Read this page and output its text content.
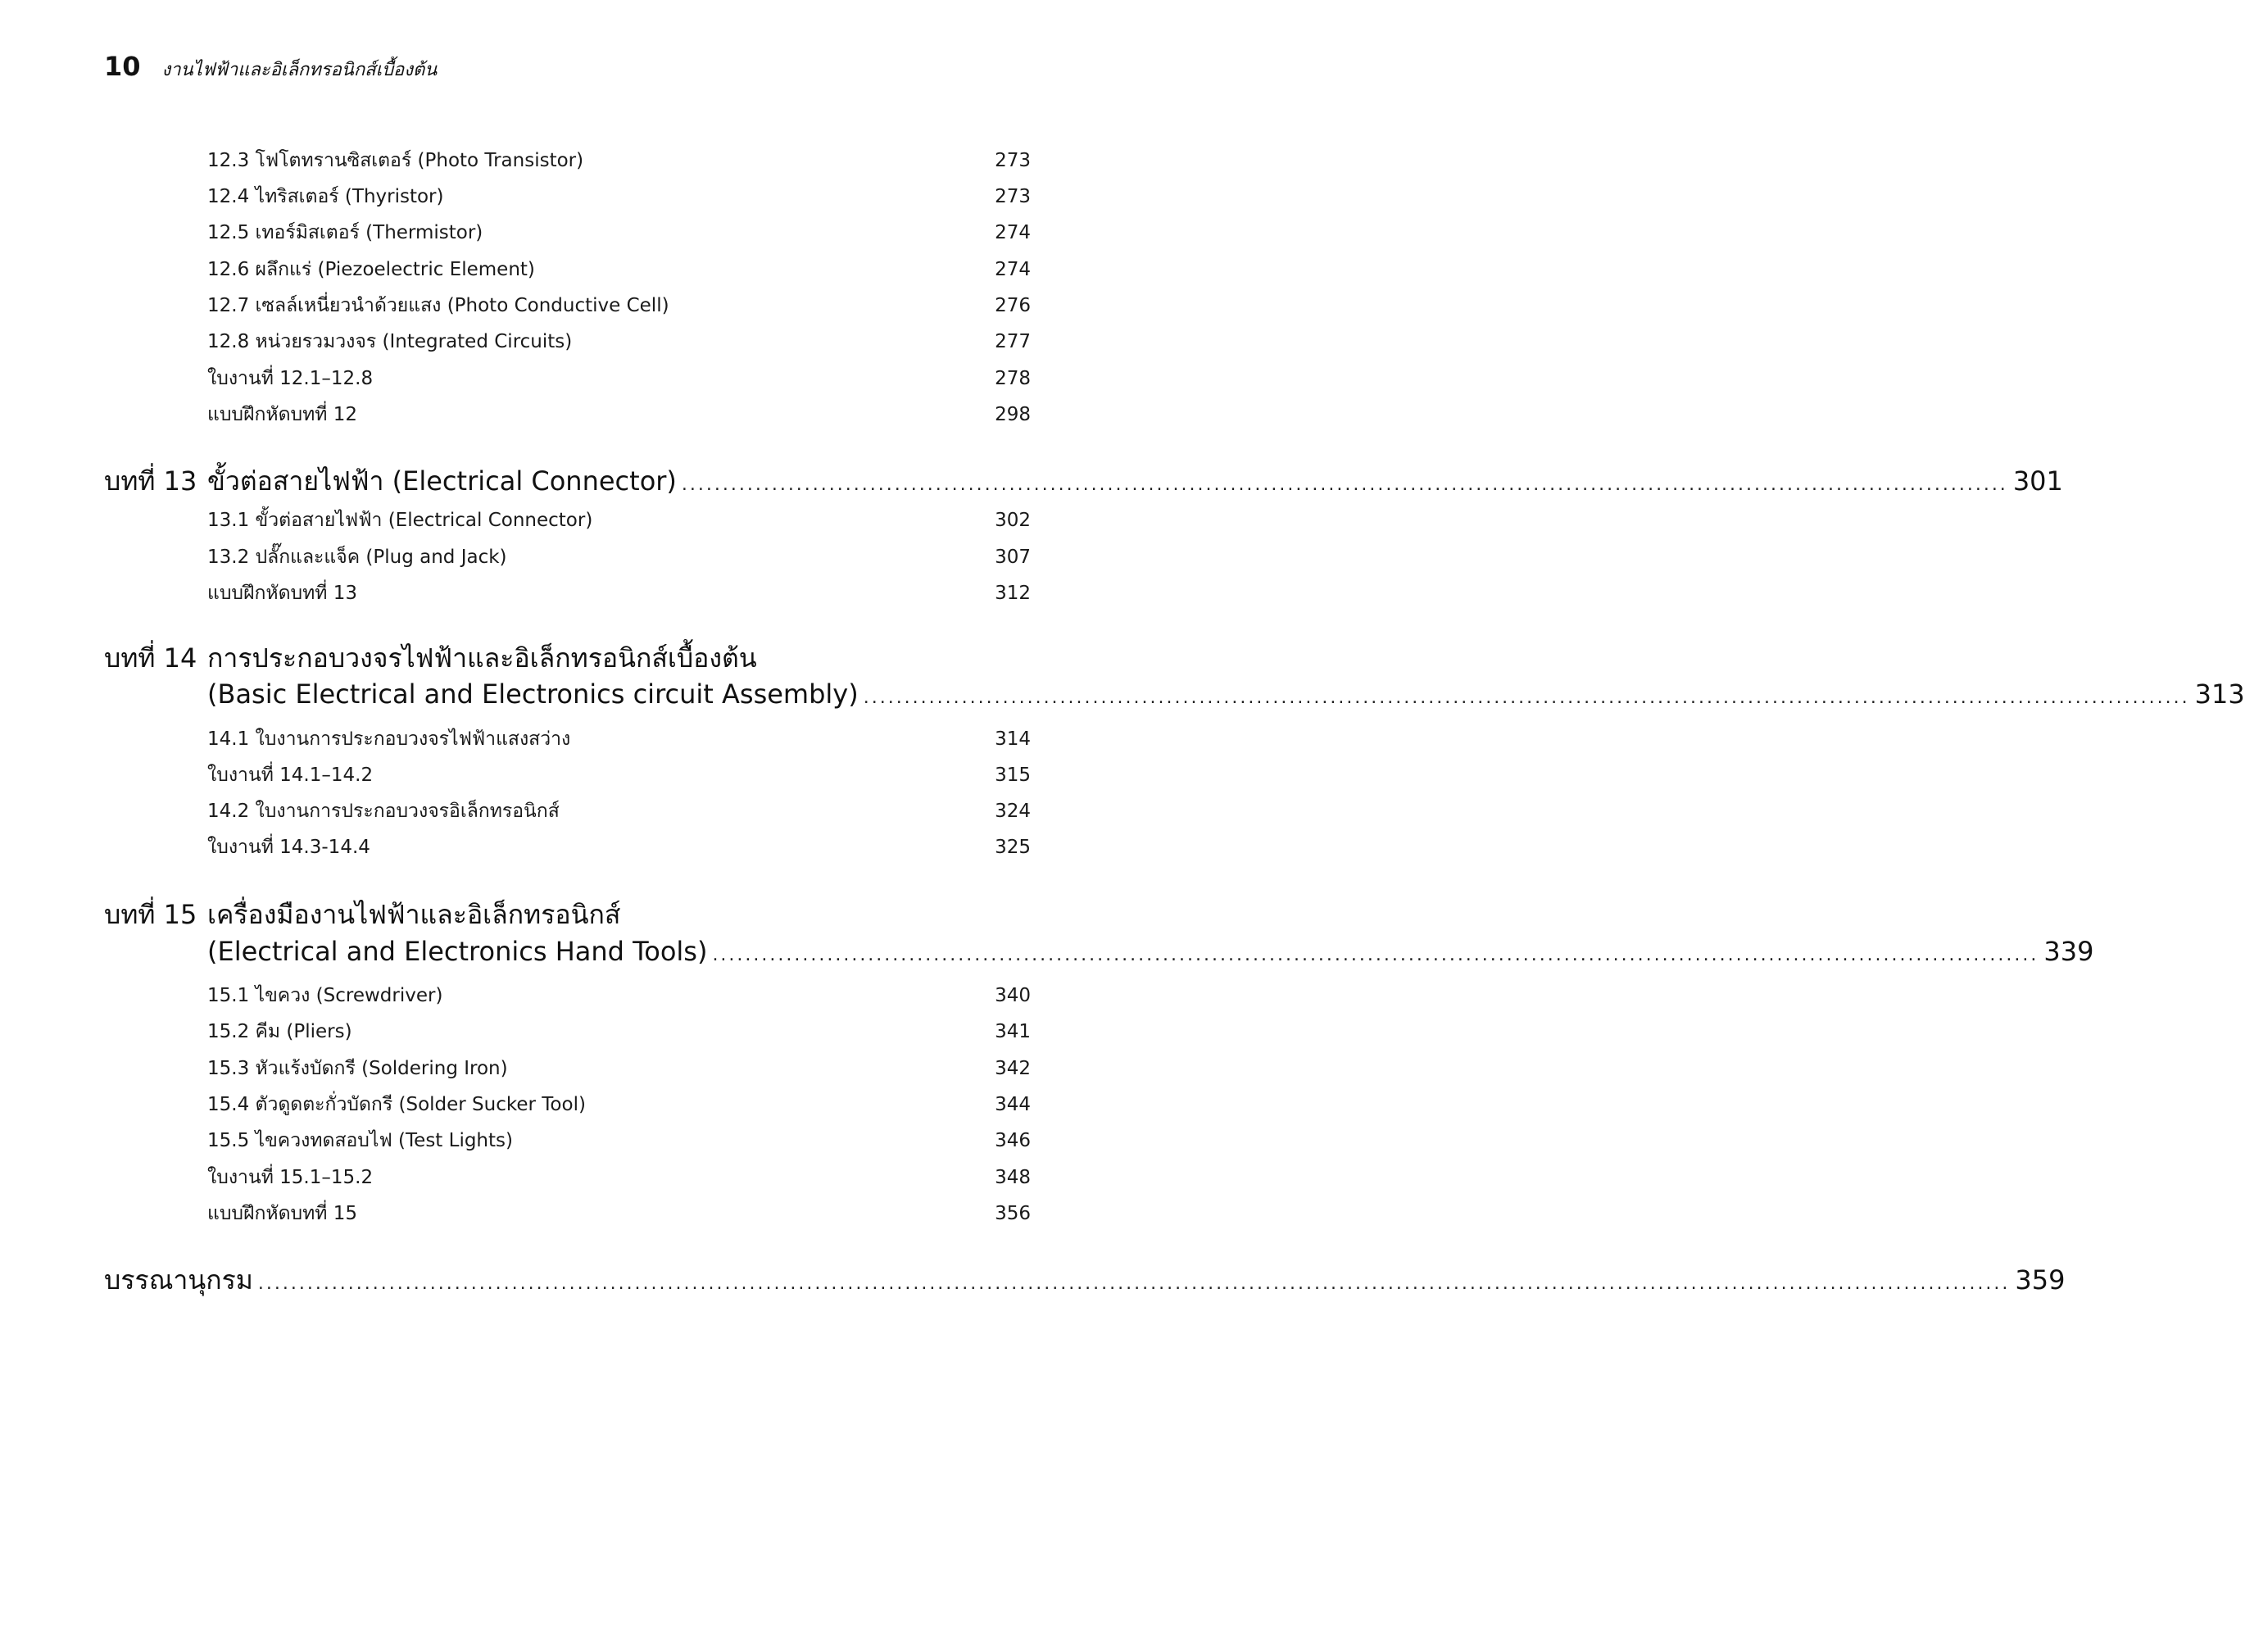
10 งานไฟฟ้าและอิเล็กทรอนิกส์เบื้องต้น
12.3 โฟโตทรานซิสเตอร์ (Photo Transistor)	273
12.4 ไทริสเตอร์ (Thyristor)	273
12.5 เทอร์มิสเตอร์ (Thermistor)	274
12.6 ผลึกแร่ (Piezoelectric Element)	274
12.7 เซลล์เหนี่ยวนำด้วยแสง (Photo Conductive Cell)	276
12.8 หน่วยรวมวงจร (Integrated Circuits)	277
ใบงานที่ 12.1–12.8	278
แบบฝึกหัดบทที่ 12	298
บทที่ 13 ขั้วต่อสายไฟฟ้า (Electrical Connector) .................................................................................................................................................................. 301
13.1 ขั้วต่อสายไฟฟ้า (Electrical Connector)	302
13.2 ปลั๊กและแจ็ค (Plug and Jack)	307
แบบฝึกหัดบทที่ 13	312
บทที่ 14 การประกอบวงจรไฟฟ้าและอิเล็กทรอนิกส์เบื้องต้น
(Basic Electrical and Electronics circuit Assembly) .................................................................................................................................................................. 313
14.1 ใบงานการประกอบวงจรไฟฟ้าแสงสว่าง	314
ใบงานที่ 14.1–14.2	315
14.2 ใบงานการประกอบวงจรอิเล็กทรอนิกส์	324
ใบงานที่ 14.3-14.4	325
บทที่ 15 เครื่องมืองานไฟฟ้าและอิเล็กทรอนิกส์
(Electrical and Electronics Hand Tools) .................................................................................................................................................................. 339
15.1 ไขควง (Screwdriver)	340
15.2 คีม (Pliers)	341
15.3 หัวแร้งบัดกรี (Soldering Iron)	342
15.4 ตัวดูดตะกั่วบัดกรี (Solder Sucker Tool)	344
15.5 ไขควงทดสอบไฟ (Test Lights)	346
ใบงานที่ 15.1–15.2	348
แบบฝึกหัดบทที่ 15	356
บรรณานุกรม ...................................................................................................................................................................................................................... 359
